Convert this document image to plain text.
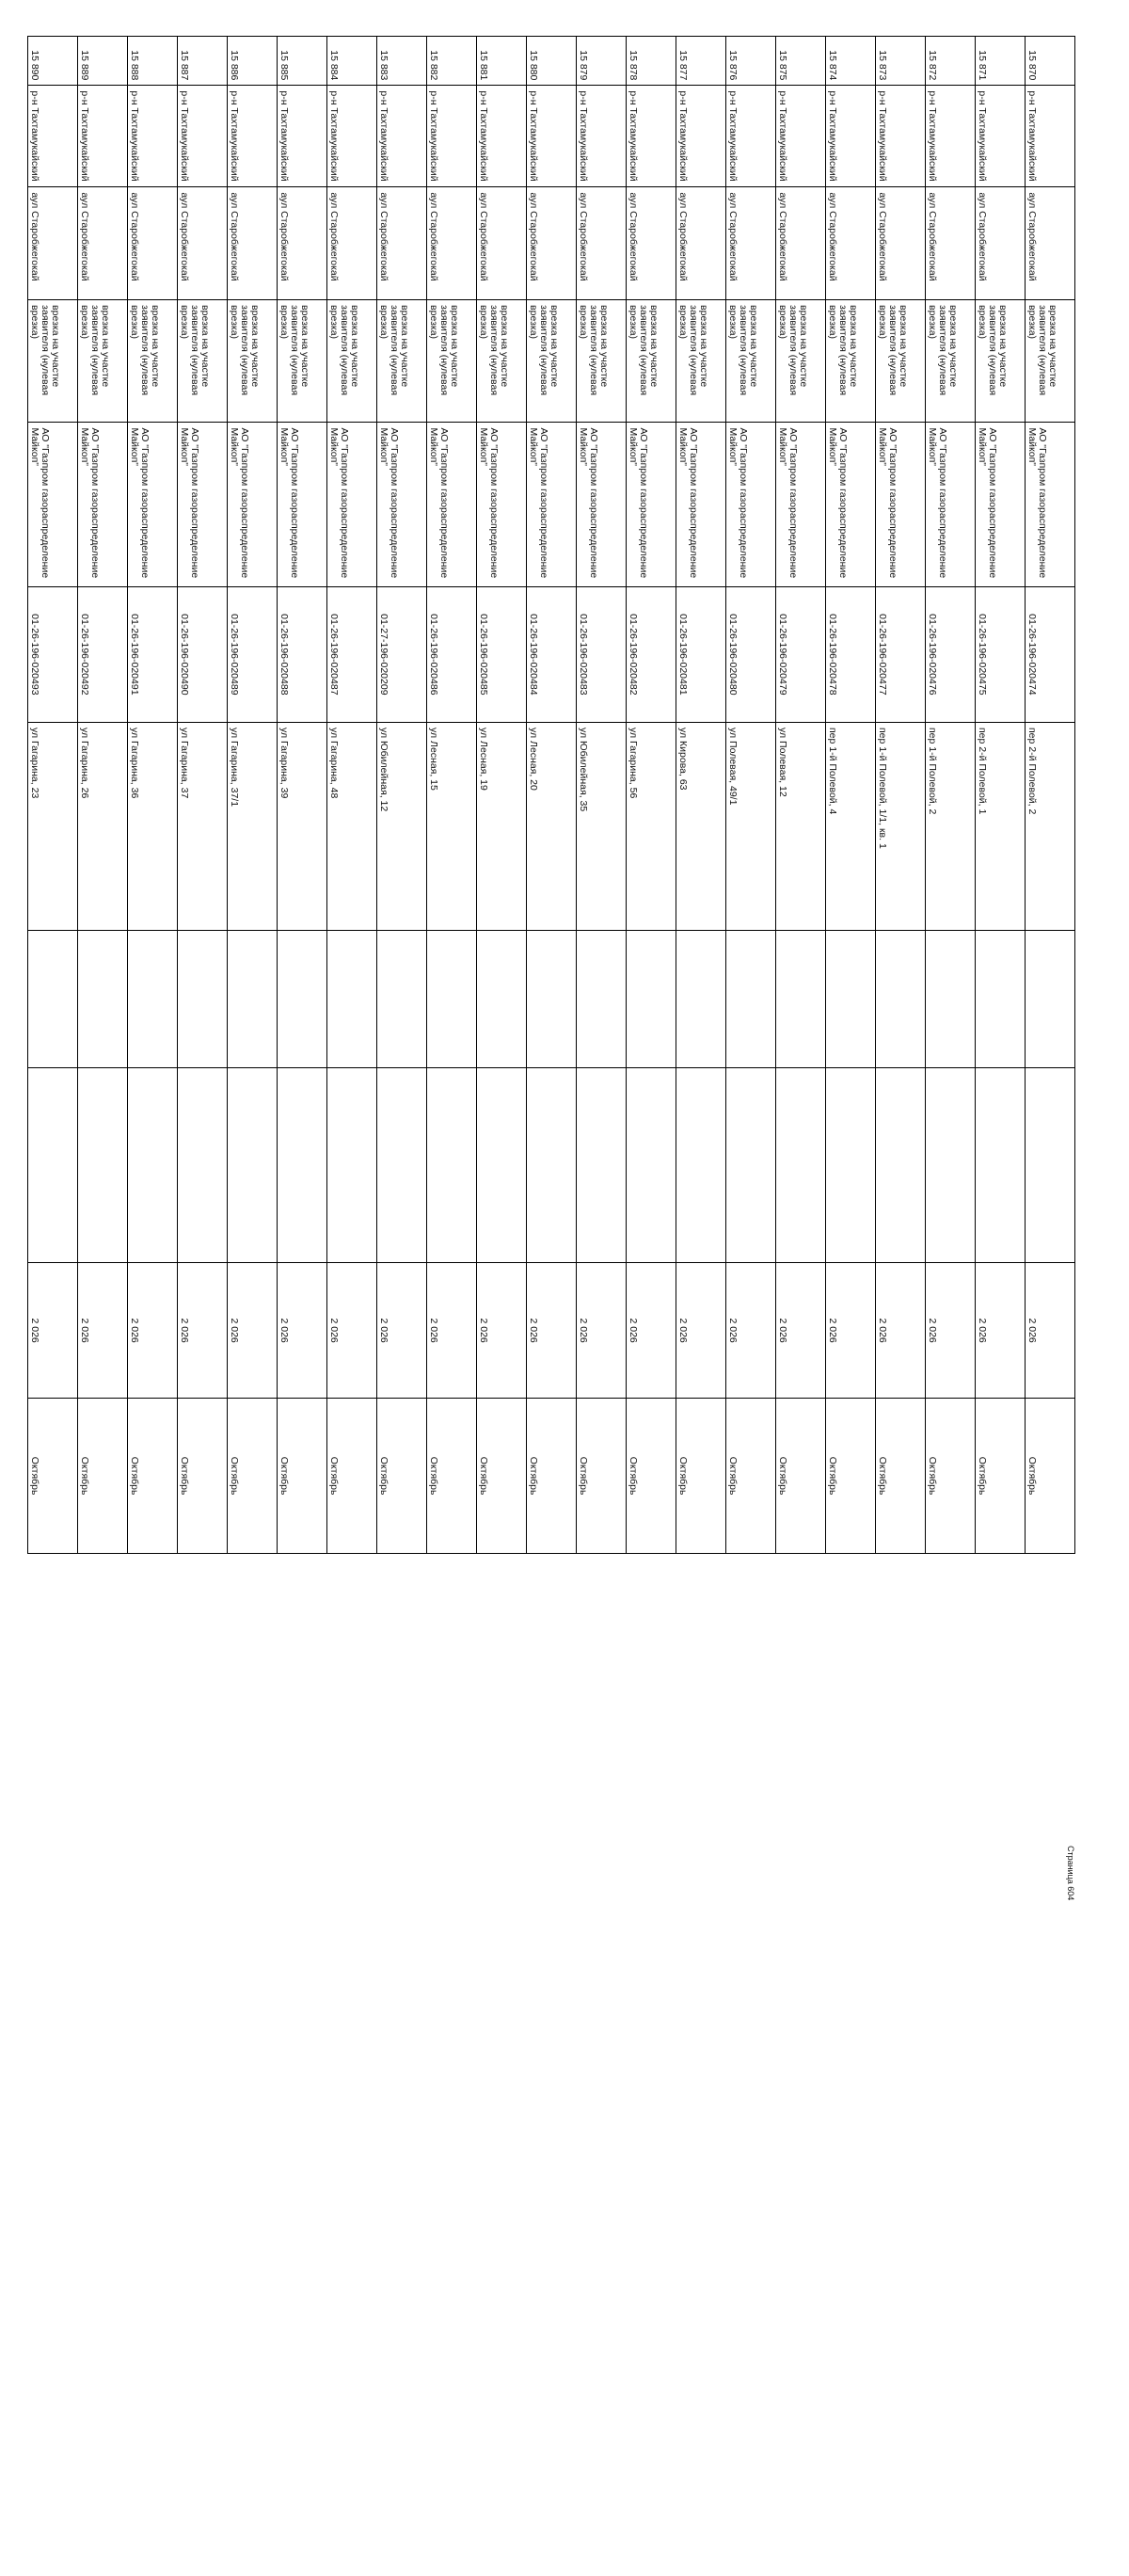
15 870	р-н Тахтамукайский	аул Старобжегокай	врезка на участке заявителя (нулевая врезка)	АО "Газпром газораспределение Майкоп"	01-26-196-020474	пер 2-й Полевой, 2			2 026	Октябрь
15 871	р-н Тахтамукайский	аул Старобжегокай	врезка на участке заявителя (нулевая врезка)	АО "Газпром газораспределение Майкоп"	01-26-196-020475	пер 2-й Полевой, 1			2 026	Октябрь
15 872	р-н Тахтамукайский	аул Старобжегокай	врезка на участке заявителя (нулевая врезка)	АО "Газпром газораспределение Майкоп"	01-26-196-020476	пер 1-й Полевой, 2			2 026	Октябрь
15 873	р-н Тахтамукайский	аул Старобжегокай	врезка на участке заявителя (нулевая врезка)	АО "Газпром газораспределение Майкоп"	01-26-196-020477	пер 1-й Полевой, 1/1, кв. 1			2 026	Октябрь
15 874	р-н Тахтамукайский	аул Старобжегокай	врезка на участке заявителя (нулевая врезка)	АО "Газпром газораспределение Майкоп"	01-26-196-020478	пер 1-й Полевой, 4			2 026	Октябрь
15 875	р-н Тахтамукайский	аул Старобжегокай	врезка на участке заявителя (нулевая врезка)	АО "Газпром газораспределение Майкоп"	01-26-196-020479	ул Полевая, 12			2 026	Октябрь
15 876	р-н Тахтамукайский	аул Старобжегокай	врезка на участке заявителя (нулевая врезка)	АО "Газпром газораспределение Майкоп"	01-26-196-020480	ул Полевая, 49/1			2 026	Октябрь
15 877	р-н Тахтамукайский	аул Старобжегокай	врезка на участке заявителя (нулевая врезка)	АО "Газпром газораспределение Майкоп"	01-26-196-020481	ул Кирова, 63			2 026	Октябрь
15 878	р-н Тахтамукайский	аул Старобжегокай	врезка на участке заявителя (нулевая врезка)	АО "Газпром газораспределение Майкоп"	01-26-196-020482	ул Гагарина, 56			2 026	Октябрь
15 879	р-н Тахтамукайский	аул Старобжегокай	врезка на участке заявителя (нулевая врезка)	АО "Газпром газораспределение Майкоп"	01-26-196-020483	ул Юбилейная, 35			2 026	Октябрь
15 880	р-н Тахтамукайский	аул Старобжегокай	врезка на участке заявителя (нулевая врезка)	АО "Газпром газораспределение Майкоп"	01-26-196-020484	ул Лесная, 20			2 026	Октябрь
15 881	р-н Тахтамукайский	аул Старобжегокай	врезка на участке заявителя (нулевая врезка)	АО "Газпром газораспределение Майкоп"	01-26-196-020485	ул Лесная, 19			2 026	Октябрь
15 882	р-н Тахтамукайский	аул Старобжегокай	врезка на участке заявителя (нулевая врезка)	АО "Газпром газораспределение Майкоп"	01-26-196-020486	ул Лесная, 15			2 026	Октябрь
15 883	р-н Тахтамукайский	аул Старобжегокай	врезка на участке заявителя (нулевая врезка)	АО "Газпром газораспределение Майкоп"	01-27-196-020209	ул Юбилейная, 12			2 026	Октябрь
15 884	р-н Тахтамукайский	аул Старобжегокай	врезка на участке заявителя (нулевая врезка)	АО "Газпром газораспределение Майкоп"	01-26-196-020487	ул Гагарина, 48			2 026	Октябрь
15 885	р-н Тахтамукайский	аул Старобжегокай	врезка на участке заявителя (нулевая врезка)	АО "Газпром газораспределение Майкоп"	01-26-196-020488	ул Гагарина, 39			2 026	Октябрь
15 886	р-н Тахтамукайский	аул Старобжегокай	врезка на участке заявителя (нулевая врезка)	АО "Газпром газораспределение Майкоп"	01-26-196-020489	ул Гагарина, 37/1			2 026	Октябрь
15 887	р-н Тахтамукайский	аул Старобжегокай	врезка на участке заявителя (нулевая врезка)	АО "Газпром газораспределение Майкоп"	01-26-196-020490	ул Гагарина, 37			2 026	Октябрь
15 888	р-н Тахтамукайский	аул Старобжегокай	врезка на участке заявителя (нулевая врезка)	АО "Газпром газораспределение Майкоп"	01-26-196-020491	ул Гагарина, 36			2 026	Октябрь
15 889	р-н Тахтамукайский	аул Старобжегокай	врезка на участке заявителя (нулевая врезка)	АО "Газпром газораспределение Майкоп"	01-26-196-020492	ул Гагарина, 26			2 026	Октябрь
15 890	р-н Тахтамукайский	аул Старобжегокай	врезка на участке заявителя (нулевая врезка)	АО "Газпром газораспределение Майкоп"	01-26-196-020493	ул Гагарина, 23			2 026	Октябрь
Страница 604
